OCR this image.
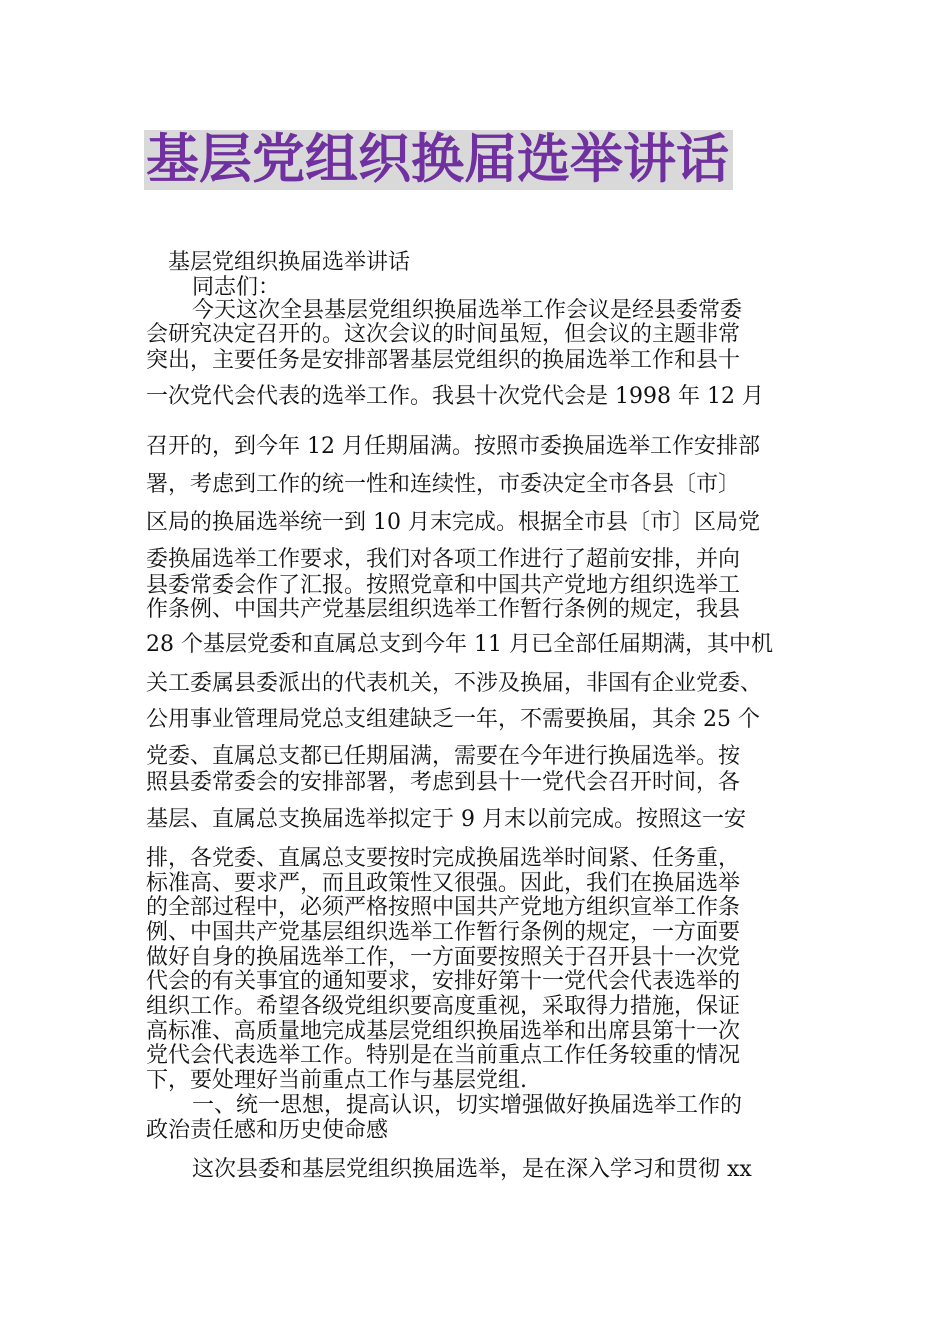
基层党组织换届选举讲话
基层党组织换届选举讲话
同志们：
今天这次全县基层党组织换届选举工作会议是经县委常委
会研究决定召开的。这次会议的时间虽短，但会议的主题非常
突出，主要任务是安排部署基层党组织的换届选举工作和县十
一次党代会代表的选举工作。我县十次党代会是 1998 年 12 月
召开的，到今年 12 月任期届满。按照市委换届选举工作安排部
署，考虑到工作的统一性和连续性，市委决定全市各县〔市〕
区局的换届选举统一到 10 月末完成。根据全市县〔市〕区局党
委换届选举工作要求，我们对各项工作进行了超前安排，并向
县委常委会作了汇报。按照党章和中国共产党地方组织选举工
作条例、中国共产党基层组织选举工作暂行条例的规定，我县
28 个基层党委和直属总支到今年 11 月已全部任届期满，其中机
关工委属县委派出的代表机关，不涉及换届，非国有企业党委、
公用事业管理局党总支组建缺乏一年，不需要换届，其余 25 个
党委、直属总支都已任期届满，需要在今年进行换届选举。按
照县委常委会的安排部署，考虑到县十一党代会召开时间，各
基层、直属总支换届选举拟定于 9 月末以前完成。按照这一安
排，各党委、直属总支要按时完成换届选举时间紧、任务重，
标准高、要求严，而且政策性又很强。因此，我们在换届选举
的全部过程中，必须严格按照中国共产党地方组织宣举工作条
例、中国共产党基层组织选举工作暂行条例的规定，一方面要
做好自身的换届选举工作，一方面要按照关于召开县十一次党
代会的有关事宜的通知要求，安排好第十一党代会代表选举的
组织工作。希望各级党组织要高度重视，采取得力措施，保证
高标准、高质量地完成基层党组织换届选举和出席县第十一次
党代会代表选举工作。特别是在当前重点工作任务较重的情况
下，要处理好当前重点工作与基层党组.
一、统一思想，提高认识，切实增强做好换届选举工作的
政治责任感和历史使命感
这次县委和基层党组织换届选举，是在深入学习和贯彻 xx
